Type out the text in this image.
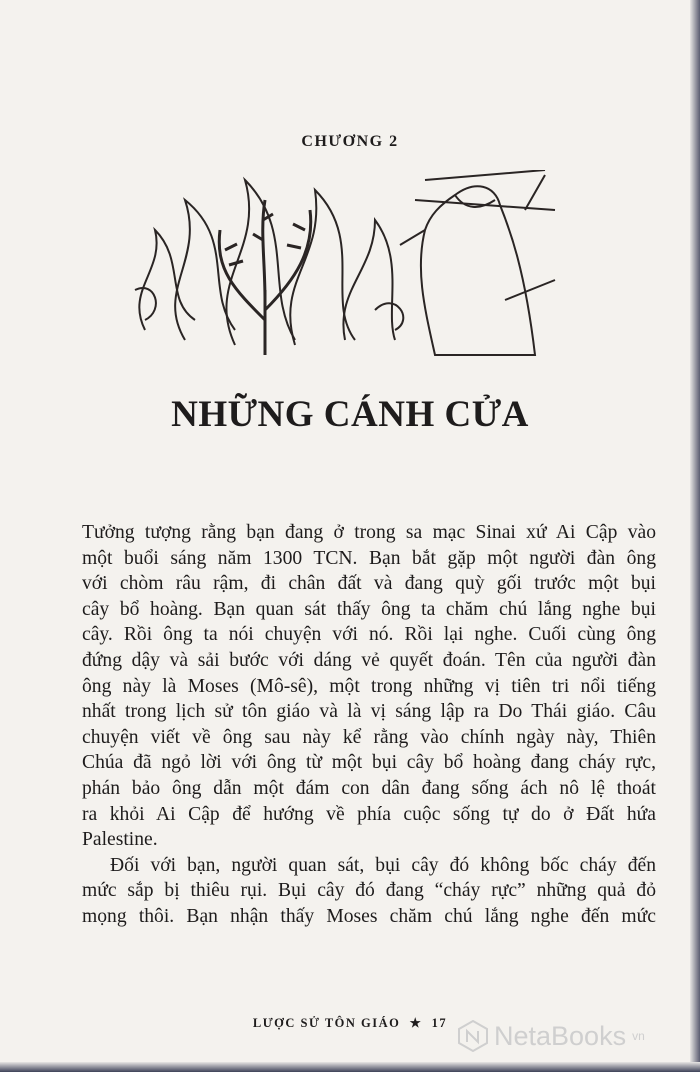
CHƯƠNG 2
NHỮNG CÁNH CỬA
Tưởng tượng rằng bạn đang ở trong sa mạc Sinai xứ Ai Cập vào
một buổi sáng năm 1300 TCN. Bạn bắt gặp một người đàn ông
với chòm râu rậm, đi chân đất và đang quỳ gối trước một bụi
cây bổ hoàng. Bạn quan sát thấy ông ta chăm chú lắng nghe bụi
cây. Rồi ông ta nói chuyện với nó. Rồi lại nghe. Cuối cùng ông
đứng dậy và sải bước với dáng vẻ quyết đoán. Tên của người đàn
ông này là Moses (Mô-sê), một trong những vị tiên tri nổi tiếng
nhất trong lịch sử tôn giáo và là vị sáng lập ra Do Thái giáo. Câu
chuyện viết về ông sau này kể rằng vào chính ngày này, Thiên
Chúa đã ngỏ lời với ông từ một bụi cây bổ hoàng đang cháy rực,
phán bảo ông dẫn một đám con dân đang sống ách nô lệ thoát
ra khỏi Ai Cập để hướng về phía cuộc sống tự do ở Đất hứa
Palestine.
Đối với bạn, người quan sát, bụi cây đó không bốc cháy đến
mức sắp bị thiêu rụi. Bụi cây đó đang “cháy rực” những quả đỏ
mọng thôi. Bạn nhận thấy Moses chăm chú lắng nghe đến mức
LƯỢC SỬ TÔN GIÁO ★ 17	NetaBooks vn
